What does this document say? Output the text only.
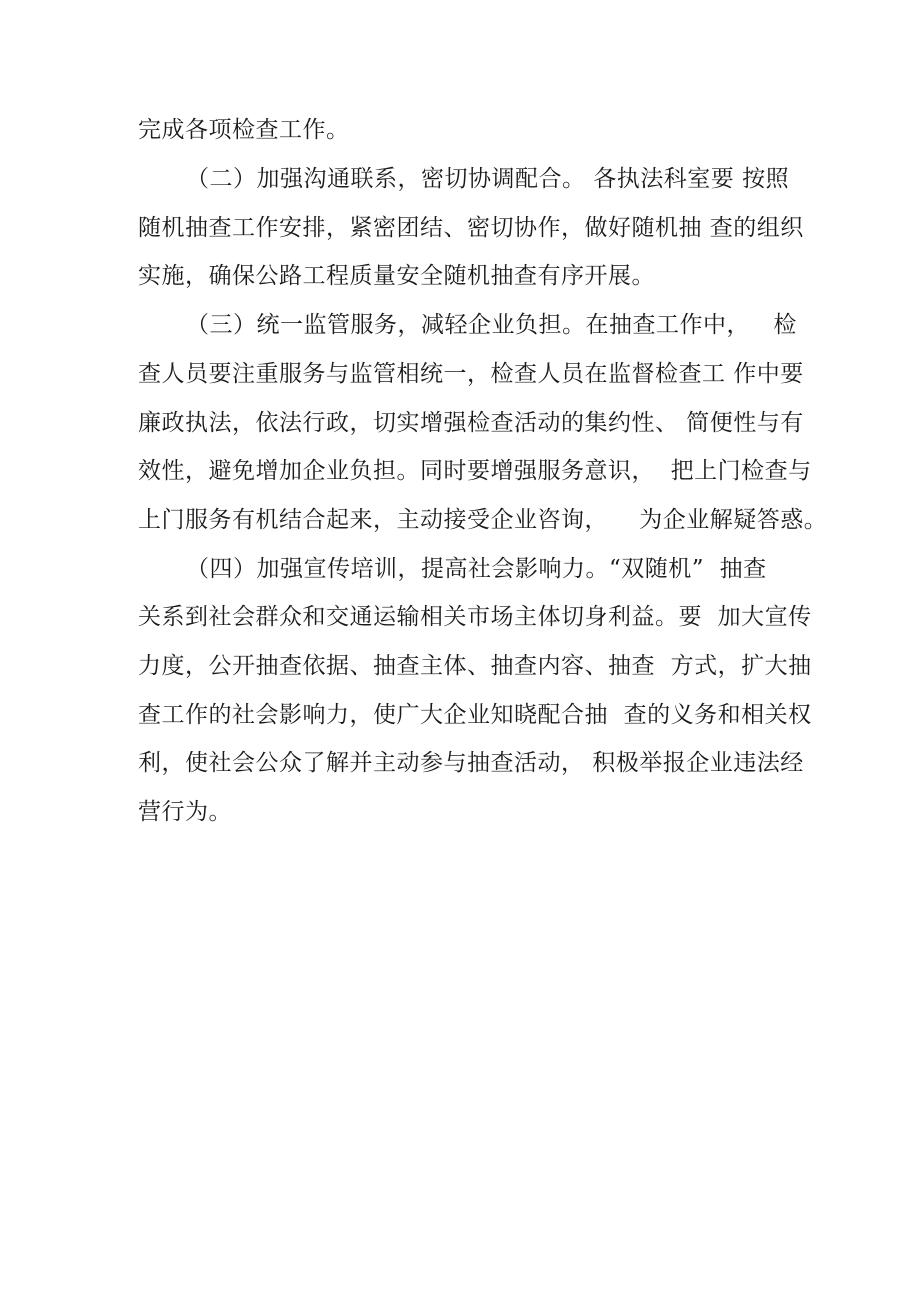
完成各项检查工作。
（二）加强沟通联系，密切协调配合。 各执法科室要 按照
随机抽查工作安排，紧密团结、密切协作，做好随机抽 查的组织
实施，确保公路工程质量安全随机抽查有序开展。
（三）统一监管服务，减轻企业负担。在抽查工作中，   检
查人员要注重服务与监管相统一，检查人员在监督检查工 作中要
廉政执法，依法行政，切实增强检查活动的集约性、 简便性与有
效性，避免增加企业负担。同时要增强服务意识，  把上门检查与
上门服务有机结合起来，主动接受企业咨询，    为企业解疑答惑。
（四）加强宣传培训，提高社会影响力。“双随机”  抽查
关系到社会群众和交通运输相关市场主体切身利益。要  加大宣传
力度，公开抽查依据、抽查主体、抽查内容、抽查  方式，扩大抽
查工作的社会影响力，使广大企业知晓配合抽  查的义务和相关权
利，使社会公众了解并主动参与抽查活动， 积极举报企业违法经
营行为。
